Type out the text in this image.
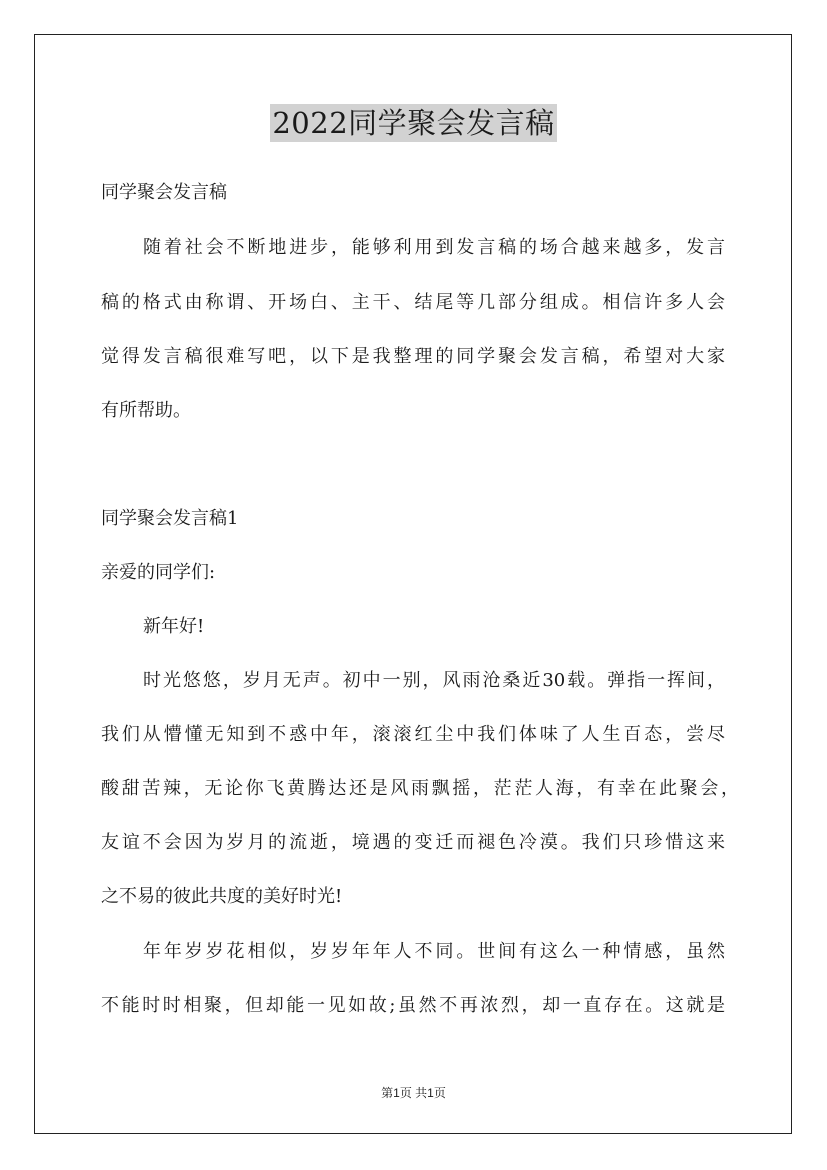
2022同学聚会发言稿
同学聚会发言稿
随着社会不断地进步，能够利用到发言稿的场合越来越多，发言
稿的格式由称谓、开场白、主干、结尾等几部分组成。相信许多人会
觉得发言稿很难写吧，以下是我整理的同学聚会发言稿，希望对大家
有所帮助。
同学聚会发言稿1
亲爱的同学们:
新年好!
时光悠悠，岁月无声。初中一别，风雨沧桑近30载。弹指一挥间，
我们从懵懂无知到不惑中年，滚滚红尘中我们体味了人生百态，尝尽
酸甜苦辣，无论你飞黄腾达还是风雨飘摇，茫茫人海，有幸在此聚会，
友谊不会因为岁月的流逝，境遇的变迁而褪色冷漠。我们只珍惜这来
之不易的彼此共度的美好时光!
年年岁岁花相似，岁岁年年人不同。世间有这么一种情感，虽然
不能时时相聚，但却能一见如故;虽然不再浓烈，却一直存在。这就是
第1页 共1页
